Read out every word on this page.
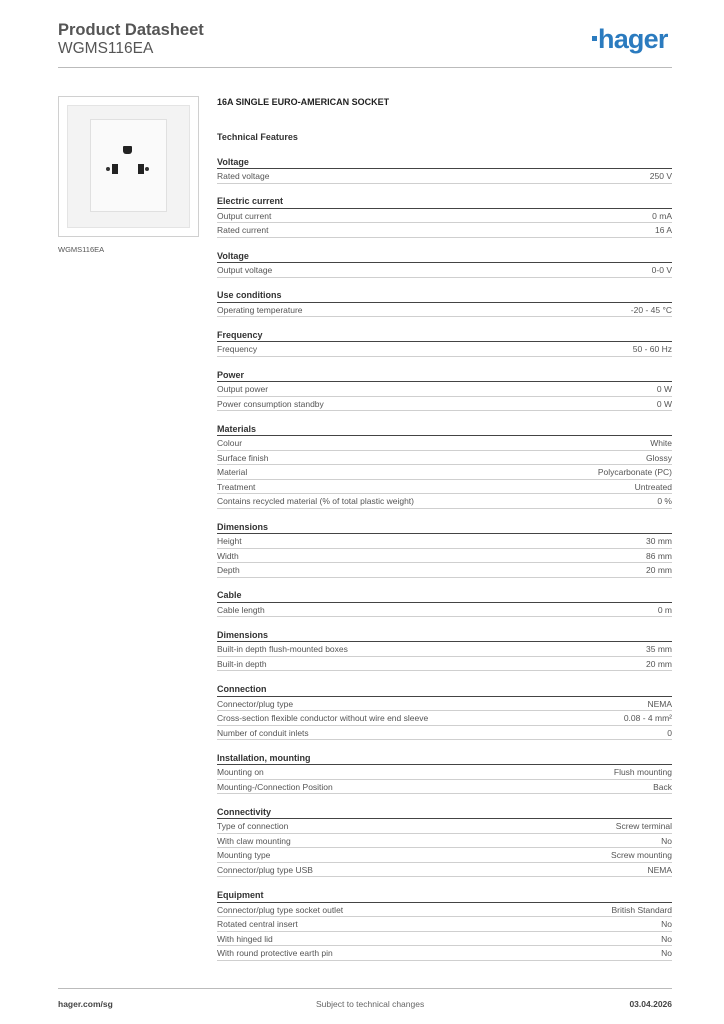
Product Datasheet
WGMS116EA	hager
WGMS116EA
16A SINGLE EURO-AMERICAN SOCKET
Technical Features
Voltage
Rated voltage	250 V
Electric current
Output current	0 mA
Rated current	16 A
Voltage
Output voltage	0-0 V
Use conditions
Operating temperature	-20 - 45 °C
Frequency
Frequency	50 - 60 Hz
Power
Output power	0 W
Power consumption standby	0 W
Materials
Colour	White
Surface finish	Glossy
Material	Polycarbonate (PC)
Treatment	Untreated
Contains recycled material (% of total plastic weight)	0 %
Dimensions
Height	30 mm
Width	86 mm
Depth	20 mm
Cable
Cable length	0 m
Dimensions
Built-in depth flush-mounted boxes	35 mm
Built-in depth	20 mm
Connection
Connector/plug type	NEMA
Cross-section flexible conductor without wire end sleeve	0.08 - 4 mm²
Number of conduit inlets	0
Installation, mounting
Mounting on	Flush mounting
Mounting-/Connection Position	Back
Connectivity
Type of connection	Screw terminal
With claw mounting	No
Mounting type	Screw mounting
Connector/plug type USB	NEMA
Equipment
Connector/plug type socket outlet	British Standard
Rotated central insert	No
With hinged lid	No
With round protective earth pin	No
hager.com/sg	Subject to technical changes	03.04.2026
